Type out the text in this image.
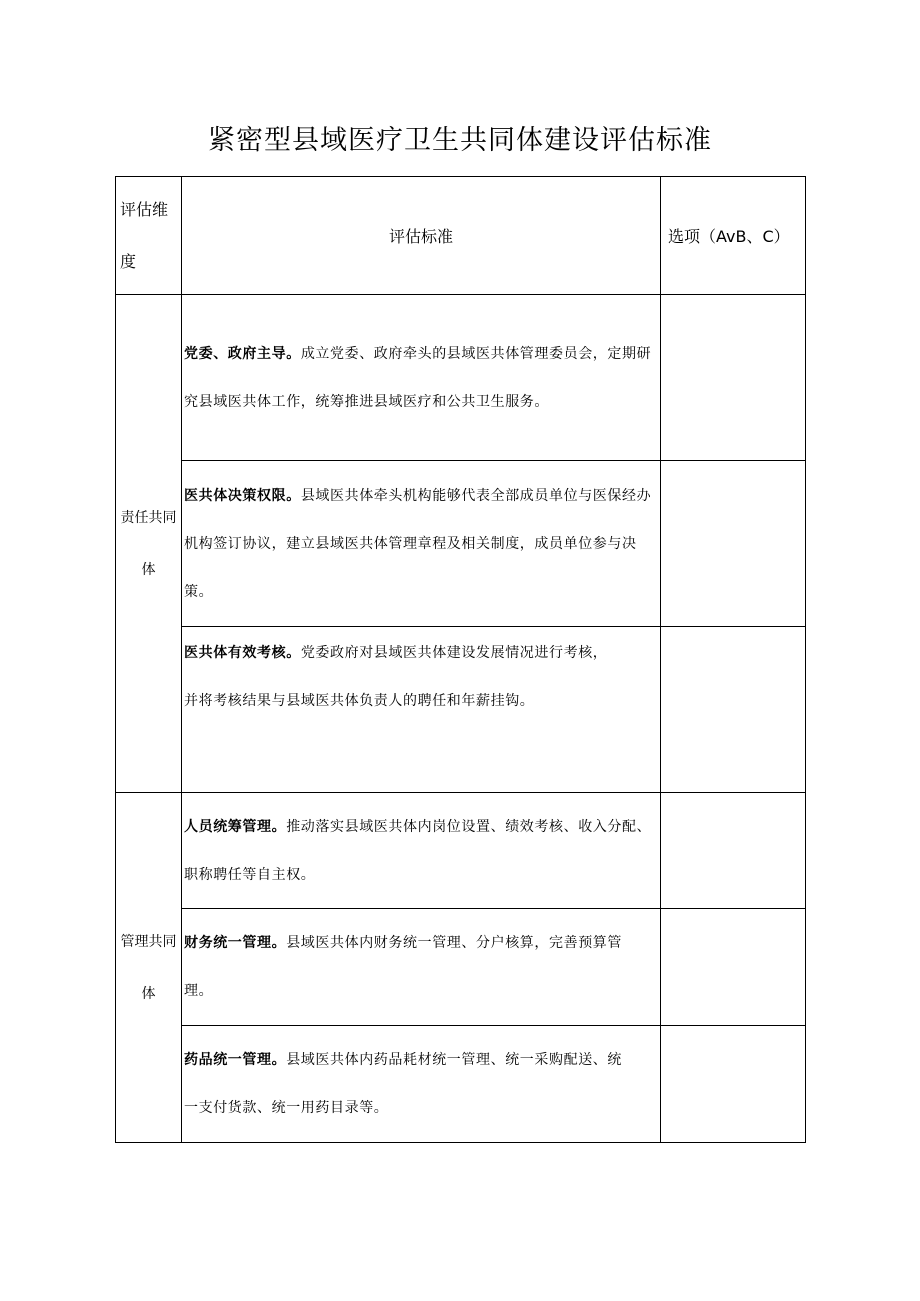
紧密型县域医疗卫生共同体建设评估标准
评估维度	评估标准	选项（AvB、C）
责任共同体	党委、政府主导。成立党委、政府牵头的县域医共体管理委员会，定期研究县域医共体工作，统筹推进县域医疗和公共卫生服务。	
	医共体决策权限。县域医共体牵头机构能够代表全部成员单位与医保经办机构签订协议，建立县域医共体管理章程及相关制度，成员单位参与决策。	
	医共体有效考核。党委政府对县域医共体建设发展情况进行考核，并将考核结果与县域医共体负责人的聘任和年薪挂钩。	
管理共同体	人员统筹管理。推动落实县域医共体内岗位设置、绩效考核、收入分配、职称聘任等自主权。	
	财务统一管理。县域医共体内财务统一管理、分户核算，完善预算管理。	
	药品统一管理。县域医共体内药品耗材统一管理、统一采购配送、统一支付货款、统一用药目录等。	
